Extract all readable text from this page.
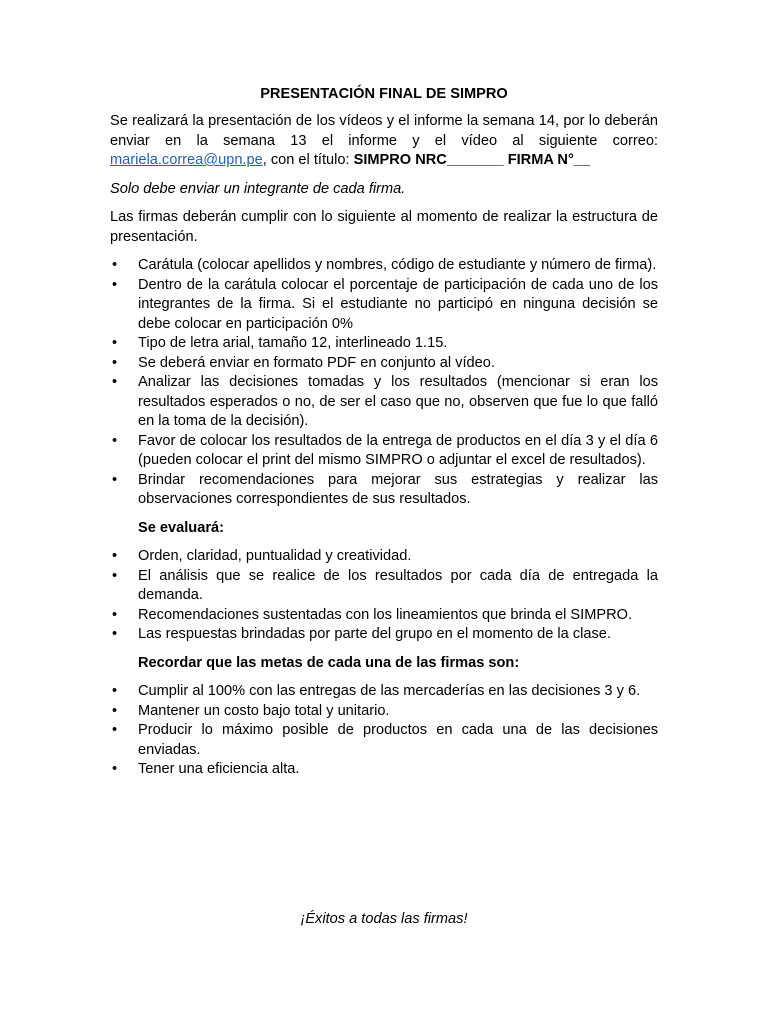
PRESENTACIÓN FINAL DE SIMPRO

Se realizará la presentación de los vídeos y el informe la semana 14, por lo deberán enviar en la semana 13 el informe y el vídeo al siguiente correo: mariela.correa@upn.pe, con el título: SIMPRO NRC_______ FIRMA N°__

Solo debe enviar un integrante de cada firma.

Las firmas deberán cumplir con lo siguiente al momento de realizar la estructura de presentación.

• Carátula (colocar apellidos y nombres, código de estudiante y número de firma).
• Dentro de la carátula colocar el porcentaje de participación de cada uno de los integrantes de la firma. Si el estudiante no participó en ninguna decisión se debe colocar en participación 0%
• Tipo de letra arial, tamaño 12, interlineado 1.15.
• Se deberá enviar en formato PDF en conjunto al vídeo.
• Analizar las decisiones tomadas y los resultados (mencionar si eran los resultados esperados o no, de ser el caso que no, observen que fue lo que falló en la toma de la decisión).
• Favor de colocar los resultados de la entrega de productos en el día 3 y el día 6 (pueden colocar el print del mismo SIMPRO o adjuntar el excel de resultados).
• Brindar recomendaciones para mejorar sus estrategias y realizar las observaciones correspondientes de sus resultados.
Se evaluará:
• Orden, claridad, puntualidad y creatividad.
• El análisis que se realice de los resultados por cada día de entregada la demanda.
• Recomendaciones sustentadas con los lineamientos que brinda el SIMPRO.
• Las respuestas brindadas por parte del grupo en el momento de la clase.
Recordar que las metas de cada una de las firmas son:
• Cumplir al 100% con las entregas de las mercaderías en las decisiones 3 y 6.
• Mantener un costo bajo total y unitario.
• Producir lo máximo posible de productos en cada una de las decisiones enviadas.
• Tener una eficiencia alta.
¡Éxitos a todas las firmas!
